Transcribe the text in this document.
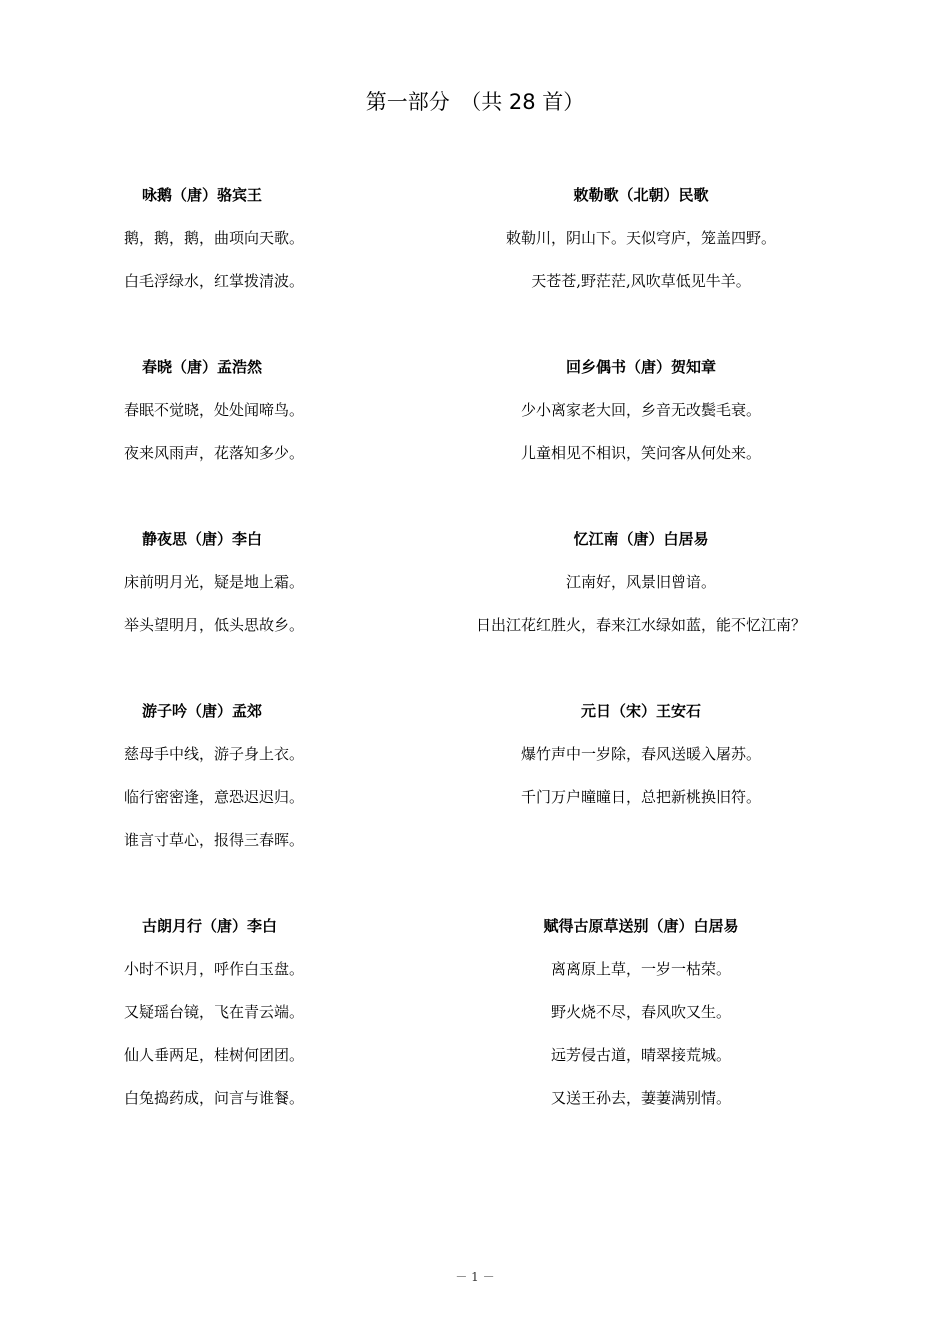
第一部分　（共 28 首）
咏鹅（唐）骆宾王
鹅，鹅，鹅，曲项向天歌。
白毛浮绿水，红掌拨清波。
敕勒歌（北朝）民歌
敕勒川，阴山下。天似穹庐，笼盖四野。
天苍苍,野茫茫,风吹草低见牛羊。
春晓（唐）孟浩然
春眠不觉晓，处处闻啼鸟。
夜来风雨声，花落知多少。
回乡偶书（唐）贺知章
少小离家老大回，乡音无改鬓毛衰。
儿童相见不相识，笑问客从何处来。
静夜思（唐）李白
床前明月光，疑是地上霜。
举头望明月，低头思故乡。
忆江南（唐）白居易
江南好，风景旧曾谙。
日出江花红胜火，春来江水绿如蓝，能不忆江南？
游子吟（唐）孟郊
慈母手中线，游子身上衣。
临行密密逢，意恐迟迟归。
谁言寸草心，报得三春晖。
元日（宋）王安石
爆竹声中一岁除，春风送暖入屠苏。
千门万户曈曈日，总把新桃换旧符。
古朗月行（唐）李白
小时不识月，呼作白玉盘。
又疑瑶台镜，飞在青云端。
仙人垂两足，桂树何团团。
白兔捣药成，问言与谁餐。
赋得古原草送别（唐）白居易
离离原上草，一岁一枯荣。
野火烧不尽，春风吹又生。
远芳侵古道，晴翠接荒城。
又送王孙去，萋萋满别情。
－ 1 －
